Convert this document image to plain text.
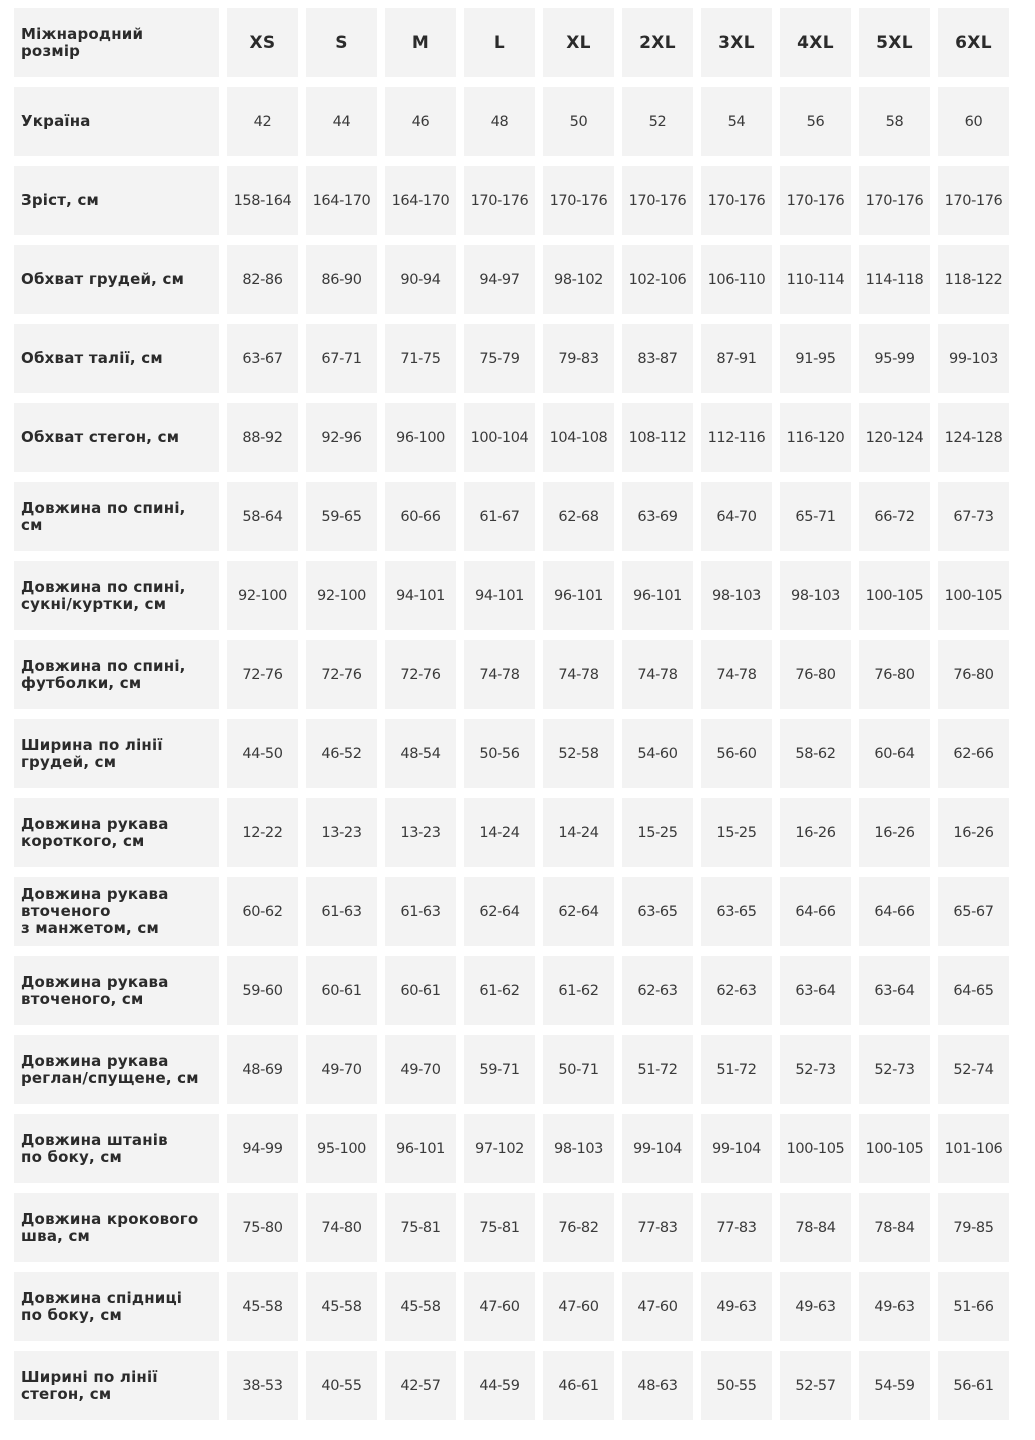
Міжнародний
розмір	XS	S	M	L	XL	2XL	3XL	4XL	5XL	6XL
Україна	42	44	46	48	50	52	54	56	58	60
Зріст, см	158-164	164-170	164-170	170-176	170-176	170-176	170-176	170-176	170-176	170-176
Обхват грудей, см	82-86	86-90	90-94	94-97	98-102	102-106	106-110	110-114	114-118	118-122
Обхват талії, см	63-67	67-71	71-75	75-79	79-83	83-87	87-91	91-95	95-99	99-103
Обхват стегон, см	88-92	92-96	96-100	100-104	104-108	108-112	112-116	116-120	120-124	124-128
Довжина по спині,
см	58-64	59-65	60-66	61-67	62-68	63-69	64-70	65-71	66-72	67-73
Довжина по спині,
сукні/куртки, см	92-100	92-100	94-101	94-101	96-101	96-101	98-103	98-103	100-105	100-105
Довжина по спині,
футболки, см	72-76	72-76	72-76	74-78	74-78	74-78	74-78	76-80	76-80	76-80
Ширина по лінії
грудей, см	44-50	46-52	48-54	50-56	52-58	54-60	56-60	58-62	60-64	62-66
Довжина рукава
короткого, см	12-22	13-23	13-23	14-24	14-24	15-25	15-25	16-26	16-26	16-26
Довжина рукава
вточеного
з манжетом, см
60-62	61-63	61-63	62-64	62-64	63-65	63-65	64-66	64-66	65-67
Довжина рукава
вточеного, см	59-60	60-61	60-61	61-62	61-62	62-63	62-63	63-64	63-64	64-65
Довжина рукава
реглан/спущене, см	48-69	49-70	49-70	59-71	50-71	51-72	51-72	52-73	52-73	52-74
Довжина штанів
по боку, см	94-99	95-100	96-101	97-102	98-103	99-104	99-104	100-105	100-105	101-106
Довжина крокового
шва, см	75-80	74-80	75-81	75-81	76-82	77-83	77-83	78-84	78-84	79-85
Довжина спідниці
по боку, см	45-58	45-58	45-58	47-60	47-60	47-60	49-63	49-63	49-63	51-66
Ширині по лінії
стегон, см	38-53	40-55	42-57	44-59	46-61	48-63	50-55	52-57	54-59	56-61
